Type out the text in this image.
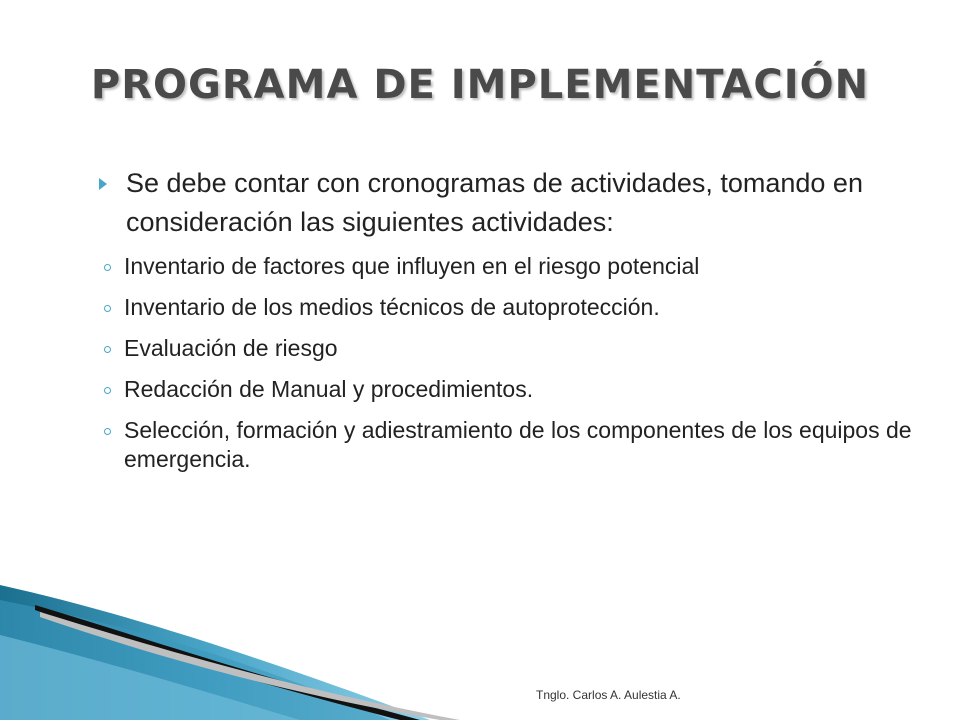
PROGRAMA DE IMPLEMENTACIÓN
Se debe contar con cronogramas de actividades, tomando en consideración las siguientes actividades:
Inventario de factores que influyen en el riesgo potencial
Inventario de los medios técnicos de autoprotección.
Evaluación de riesgo
Redacción de Manual y procedimientos.
Selección, formación y adiestramiento de los componentes de los equipos de emergencia.
Tnglo. Carlos A. Aulestia A.
